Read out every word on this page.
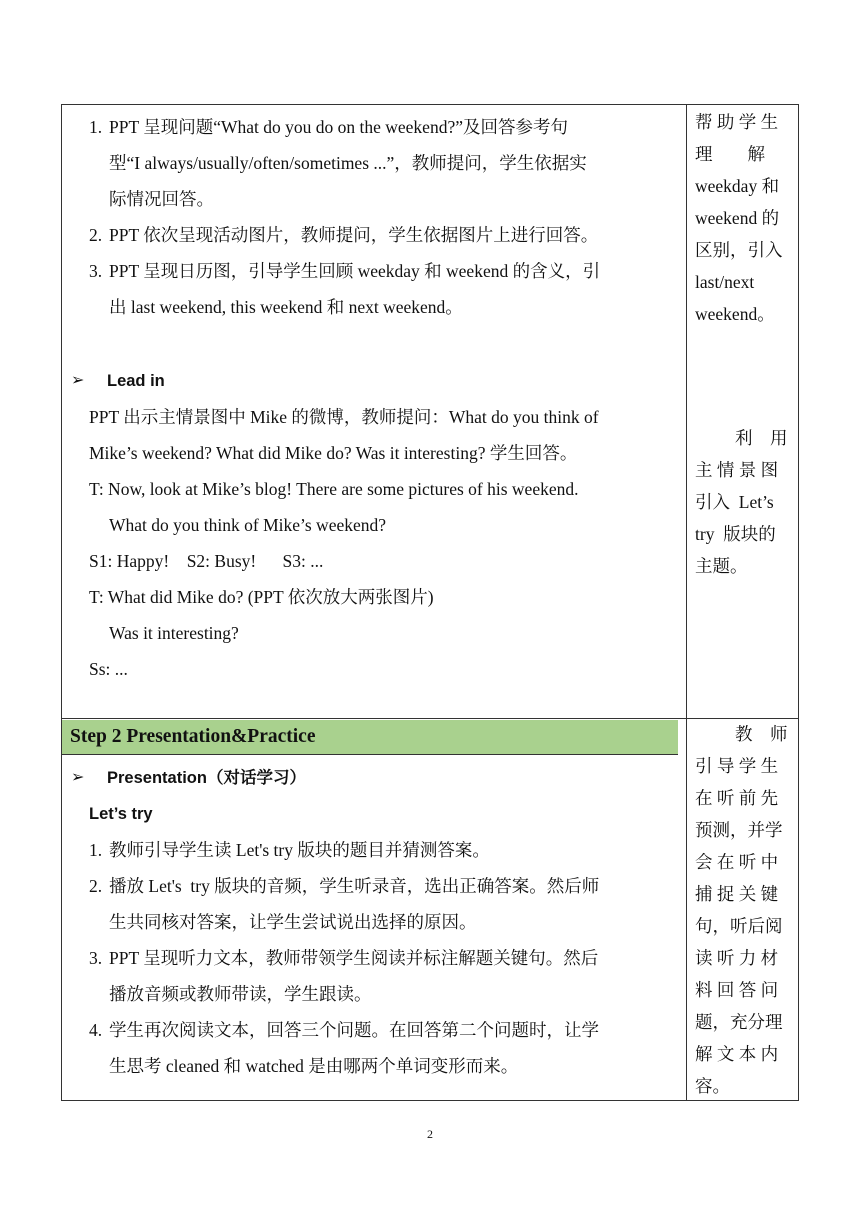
1. PPT 呈现问题“What do you do on the weekend?”及回答参考句
型“I always/usually/often/sometimes ...”，教师提问，学生依据实
际情况回答。
2. PPT 依次呈现活动图片，教师提问，学生依据图片上进行回答。
3. PPT 呈现日历图，引导学生回顾 weekday 和 weekend 的含义，引
出 last weekend, this weekend 和 next weekend。
➢ Lead in
PPT 出示主情景图中 Mike 的微博，教师提问：What do you think of
Mike’s weekend? What did Mike do? Was it interesting? 学生回答。
T: Now, look at Mike’s blog! There are some pictures of his weekend.
What do you think of Mike’s weekend?
S1: Happy!    S2: Busy!      S3: ...
T: What did Mike do? (PPT 依次放大两张图片)
Was it interesting?
Ss: ...
帮 助 学 生
理　　解
weekday 和
weekend 的
区别，引入
last/next
weekend。
利　用
主 情 景 图
引入  Let’s
try  版块的
主题。
Step 2 Presentation&Practice
➢ Presentation（对话学习）
Let’s try
1. 教师引导学生读 Let's try 版块的题目并猜测答案。
2. 播放 Let's  try 版块的音频，学生听录音，选出正确答案。然后师
生共同核对答案，让学生尝试说出选择的原因。
3. PPT 呈现听力文本，教师带领学生阅读并标注解题关键句。然后
播放音频或教师带读，学生跟读。
4. 学生再次阅读文本，回答三个问题。在回答第二个问题时，让学
生思考 cleaned 和 watched 是由哪两个单词变形而来。
教　师
引 导 学 生
在 听 前 先
预测，并学
会 在 听 中
捕 捉 关 键
句，听后阅
读 听 力 材
料 回 答 问
题，充分理
解 文 本 内
容。
2
